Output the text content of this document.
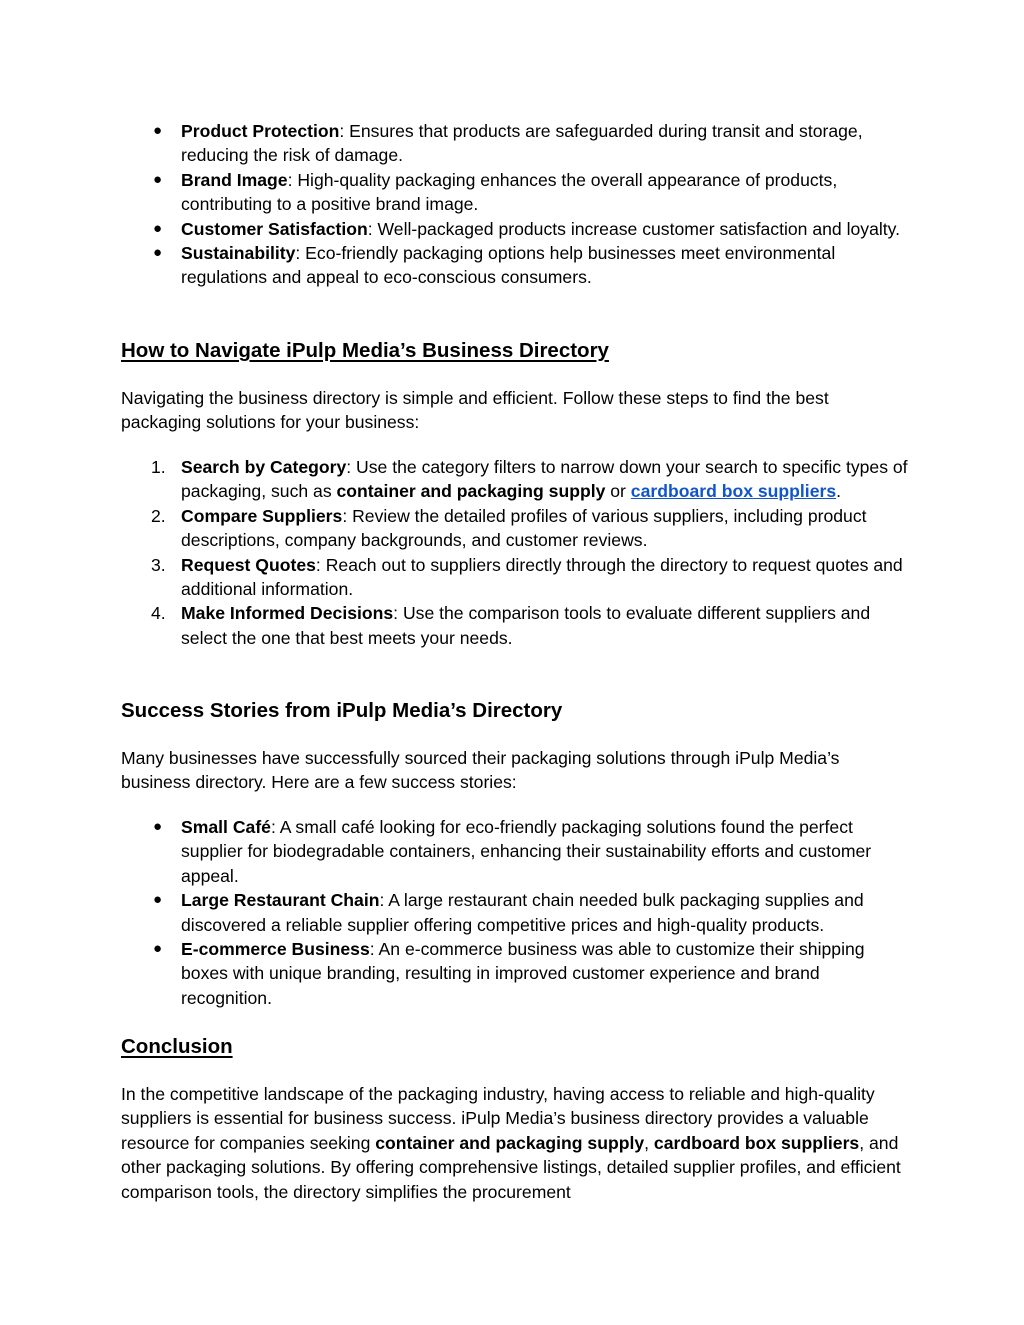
● Product Protection: Ensures that products are safeguarded during transit and storage, reducing the risk of damage.
● Brand Image: High-quality packaging enhances the overall appearance of products, contributing to a positive brand image.
● Customer Satisfaction: Well-packaged products increase customer satisfaction and loyalty.
● Sustainability: Eco-friendly packaging options help businesses meet environmental regulations and appeal to eco-conscious consumers.
How to Navigate iPulp Media’s Business Directory

Navigating the business directory is simple and efficient. Follow these steps to find the best packaging solutions for your business:

1. Search by Category: Use the category filters to narrow down your search to specific types of packaging, such as container and packaging supply or cardboard box suppliers.
2. Compare Suppliers: Review the detailed profiles of various suppliers, including product descriptions, company backgrounds, and customer reviews.
3. Request Quotes: Reach out to suppliers directly through the directory to request quotes and additional information.
4. Make Informed Decisions: Use the comparison tools to evaluate different suppliers and select the one that best meets your needs.
Success Stories from iPulp Media’s Directory

Many businesses have successfully sourced their packaging solutions through iPulp Media’s business directory. Here are a few success stories:

● Small Café: A small café looking for eco-friendly packaging solutions found the perfect supplier for biodegradable containers, enhancing their sustainability efforts and customer appeal.
● Large Restaurant Chain: A large restaurant chain needed bulk packaging supplies and discovered a reliable supplier offering competitive prices and high-quality products.
● E-commerce Business: An e-commerce business was able to customize their shipping boxes with unique branding, resulting in improved customer experience and brand recognition.
Conclusion

In the competitive landscape of the packaging industry, having access to reliable and high-quality suppliers is essential for business success. iPulp Media’s business directory provides a valuable resource for companies seeking container and packaging supply, cardboard box suppliers, and other packaging solutions. By offering comprehensive listings, detailed supplier profiles, and efficient comparison tools, the directory simplifies the procurement
